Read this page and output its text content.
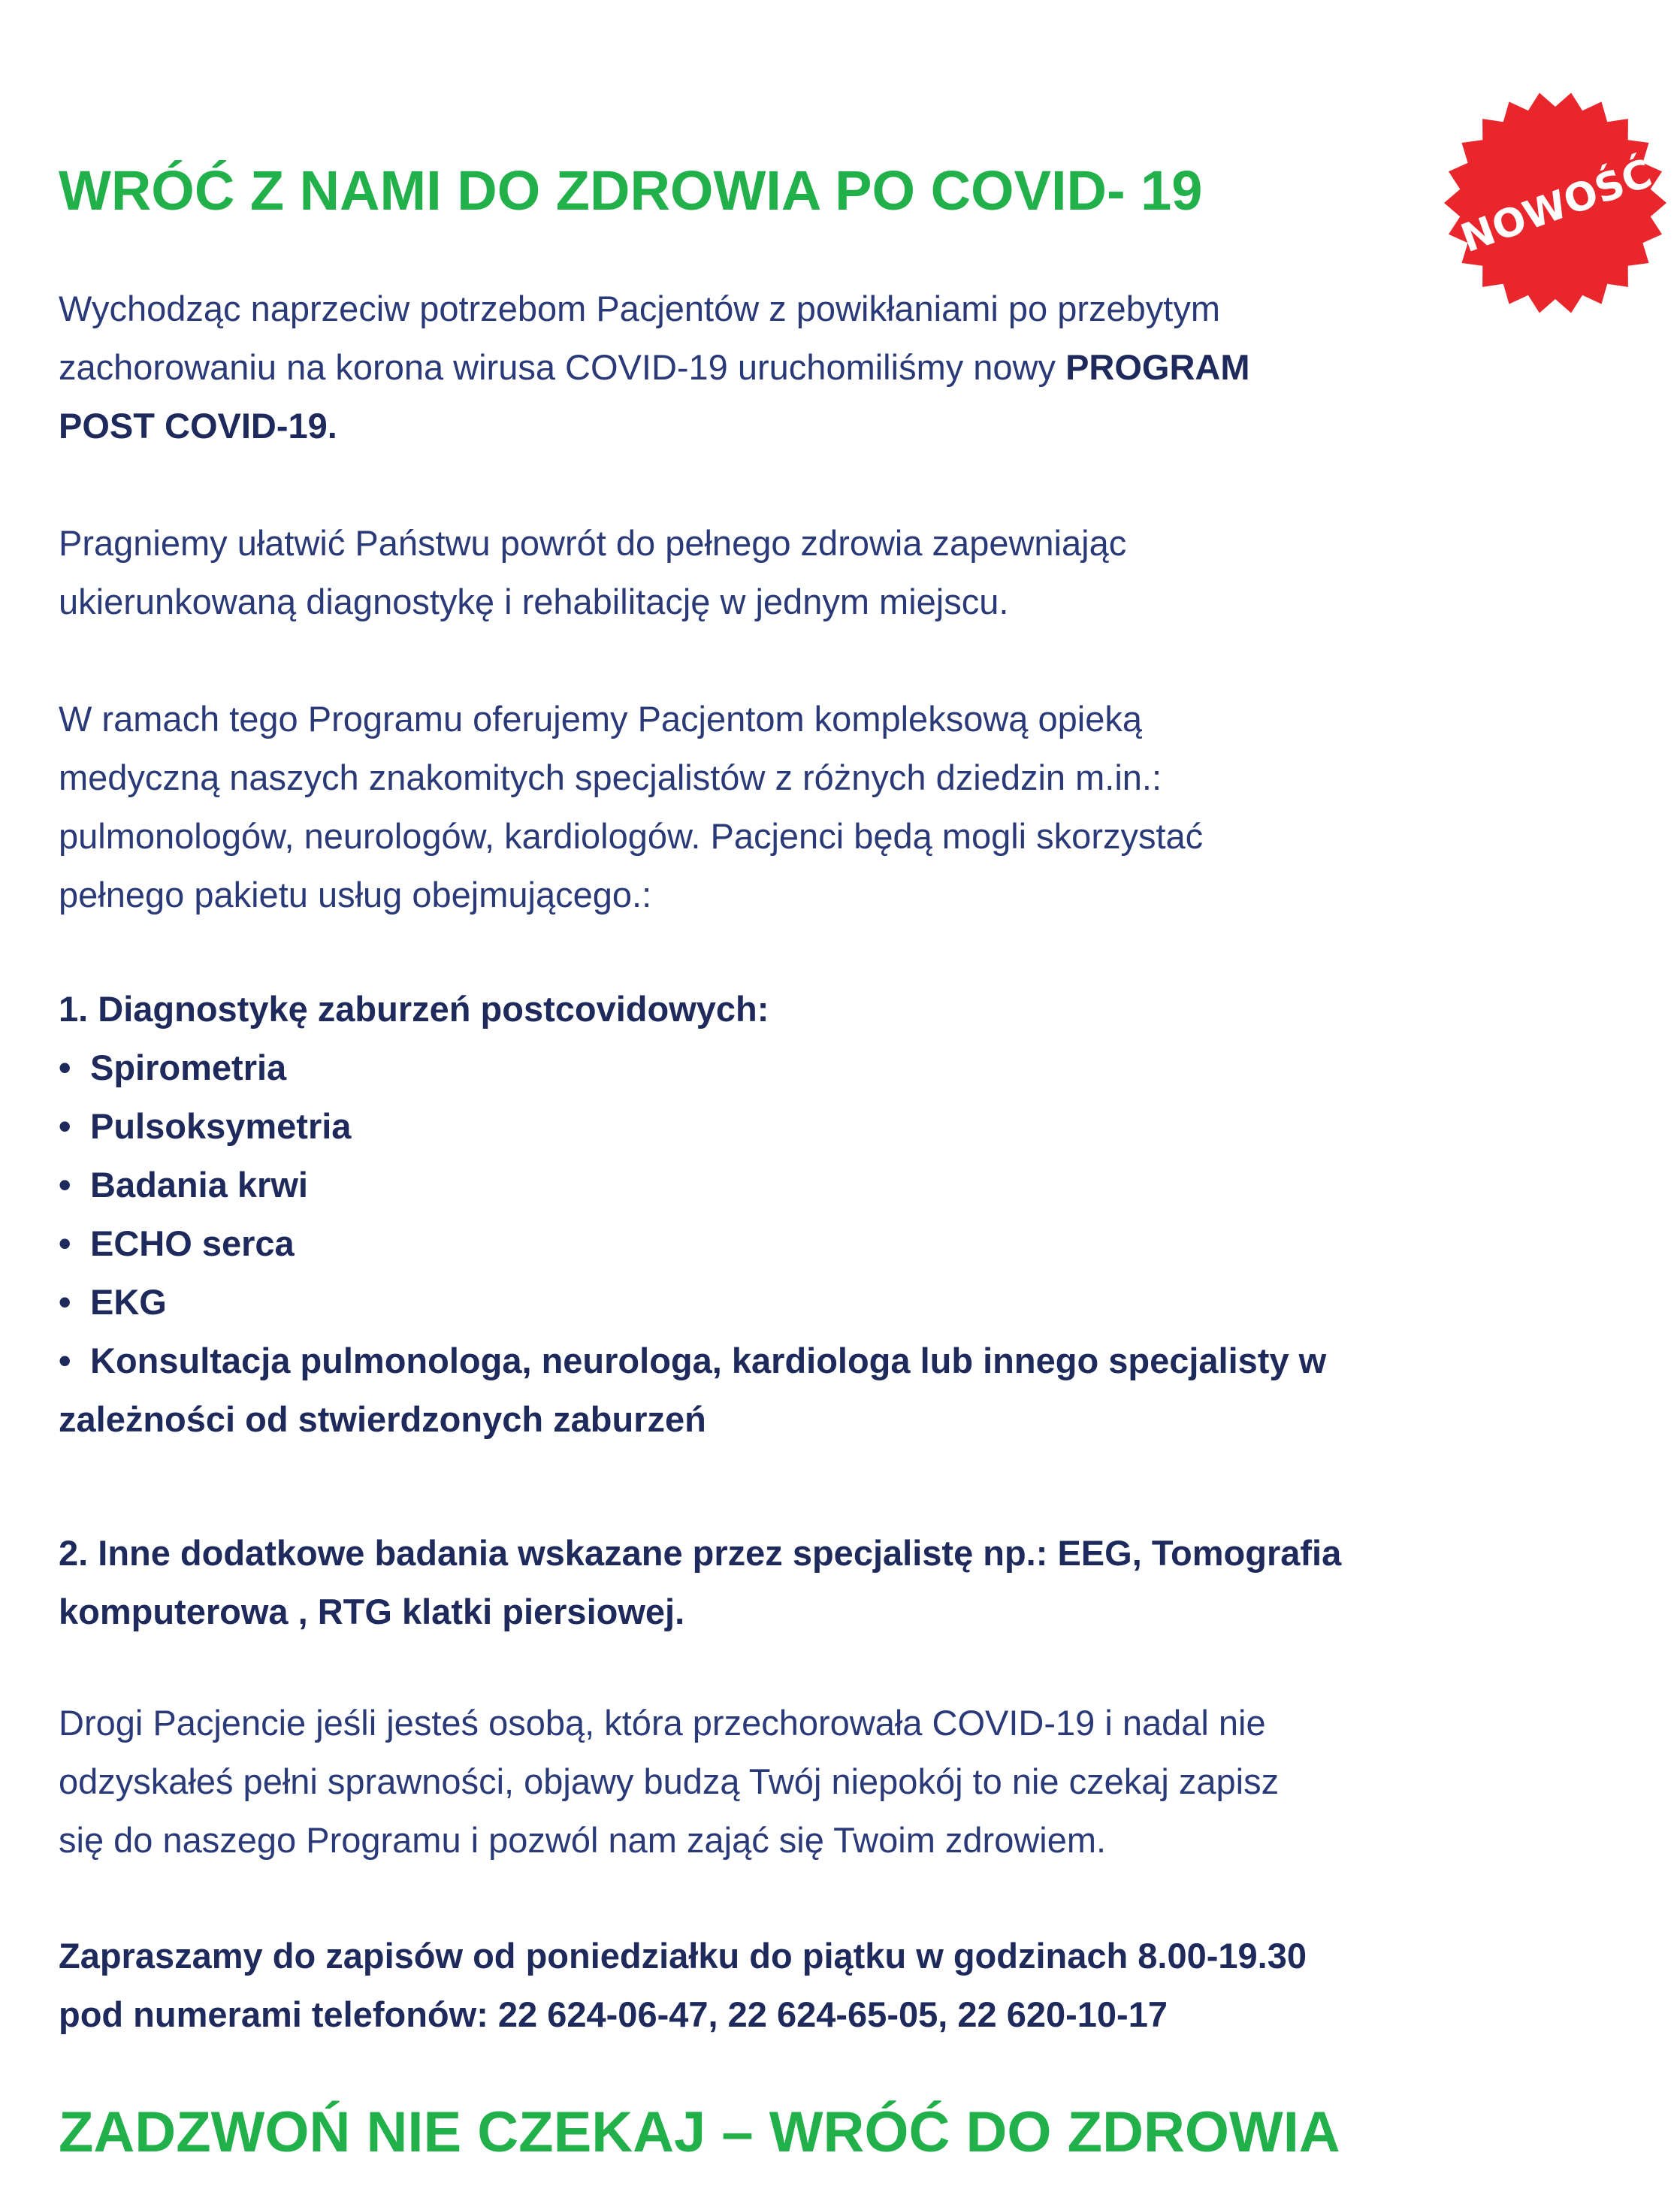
NOWOŚĆ
WRÓĆ Z NAMI DO ZDROWIA PO COVID- 19

Wychodząc naprzeciw potrzebom Pacjentów z powikłaniami po przebytym
zachorowaniu na korona wirusa COVID-19 uruchomiliśmy nowy PROGRAM
POST COVID-19.

Pragniemy ułatwić Państwu powrót do pełnego zdrowia zapewniając
ukierunkowaną diagnostykę i rehabilitację w jednym miejscu.

W ramach tego Programu oferujemy Pacjentom kompleksową opieką
medyczną naszych znakomitych specjalistów z różnych dziedzin m.in.:
pulmonologów, neurologów, kardiologów. Pacjenci będą mogli skorzystać
pełnego pakietu usług obejmującego.:

1. Diagnostykę zaburzeń postcovidowych:
• Spirometria
• Pulsoksymetria
• Badania krwi
• ECHO serca
• EKG
• Konsultacja pulmonologa, neurologa, kardiologa lub innego specjalisty w
zależności od stwierdzonych zaburzeń

2. Inne dodatkowe badania wskazane przez specjalistę np.: EEG, Tomografia
komputerowa , RTG klatki piersiowej.

Drogi Pacjencie jeśli jesteś osobą, która przechorowała COVID-19 i nadal nie
odzyskałeś pełni sprawności, objawy budzą Twój niepokój to nie czekaj zapisz
się do naszego Programu i pozwól nam zająć się Twoim zdrowiem.

Zapraszamy do zapisów od poniedziałku do piątku w godzinach 8.00-19.30
pod numerami telefonów: 22 624-06-47, 22 624-65-05, 22 620-10-17

ZADZWOŃ NIE CZEKAJ – WRÓĆ DO ZDROWIA
